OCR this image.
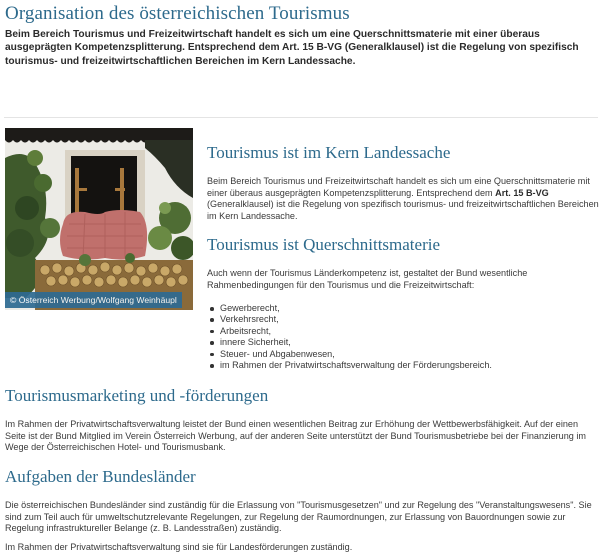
Organisation des österreichischen Tourismus
Beim Bereich Tourismus und Freizeitwirtschaft handelt es sich um eine Querschnittsmaterie mit einer überaus ausgeprägten Kompetenzsplitterung. Entsprechend dem Art. 15 B-VG (Generalklausel) ist die Regelung von spezifisch tourismus- und freizeitwirtschaftlichen Bereichen im Kern Landessache.
© Österreich Werbung/Wolfgang Weinhäupl
Tourismus ist im Kern Landessache

Beim Bereich Tourismus und Freizeitwirtschaft handelt es sich um eine Querschnittsmaterie mit einer überaus ausgeprägten Kompetenzsplitterung. Entsprechend dem Art. 15 B-VG (Generalklausel) ist die Regelung von spezifisch tourismus- und freizeitwirtschaftlichen Bereichen im Kern Landessache.

Tourismus ist Querschnittsmaterie

Auch wenn der Tourismus Länderkompetenz ist, gestaltet der Bund wesentliche Rahmenbedingungen für den Tourismus und die Freizeitwirtschaft:

Gewerberecht,
Verkehrsrecht,
Arbeitsrecht,
innere Sicherheit,
Steuer- und Abgabenwesen,
im Rahmen der Privatwirtschaftsverwaltung der Förderungsbereich.
Tourismusmarketing und -förderungen

Im Rahmen der Privatwirtschaftsverwaltung leistet der Bund einen wesentlichen Beitrag zur Erhöhung der Wettbewerbsfähigkeit. Auf der einen Seite ist der Bund Mitglied im Verein Österreich Werbung, auf der anderen Seite unterstützt der Bund Tourismusbetriebe bei der Finanzierung im Wege der Österreichischen Hotel- und Tourismusbank.

Aufgaben der Bundesländer

Die österreichischen Bundesländer sind zuständig für die Erlassung von "Tourismusgesetzen" und zur Regelung des "Veranstaltungswesens". Sie sind zum Teil auch für umweltschutzrelevante Regelungen, zur Regelung der Raumordnungen, zur Erlassung von Bauordnungen sowie zur Regelung infrastruktureller Belange (z. B. Landesstraßen) zuständig.

Im Rahmen der Privatwirtschaftsverwaltung sind sie für Landesförderungen zuständig.
